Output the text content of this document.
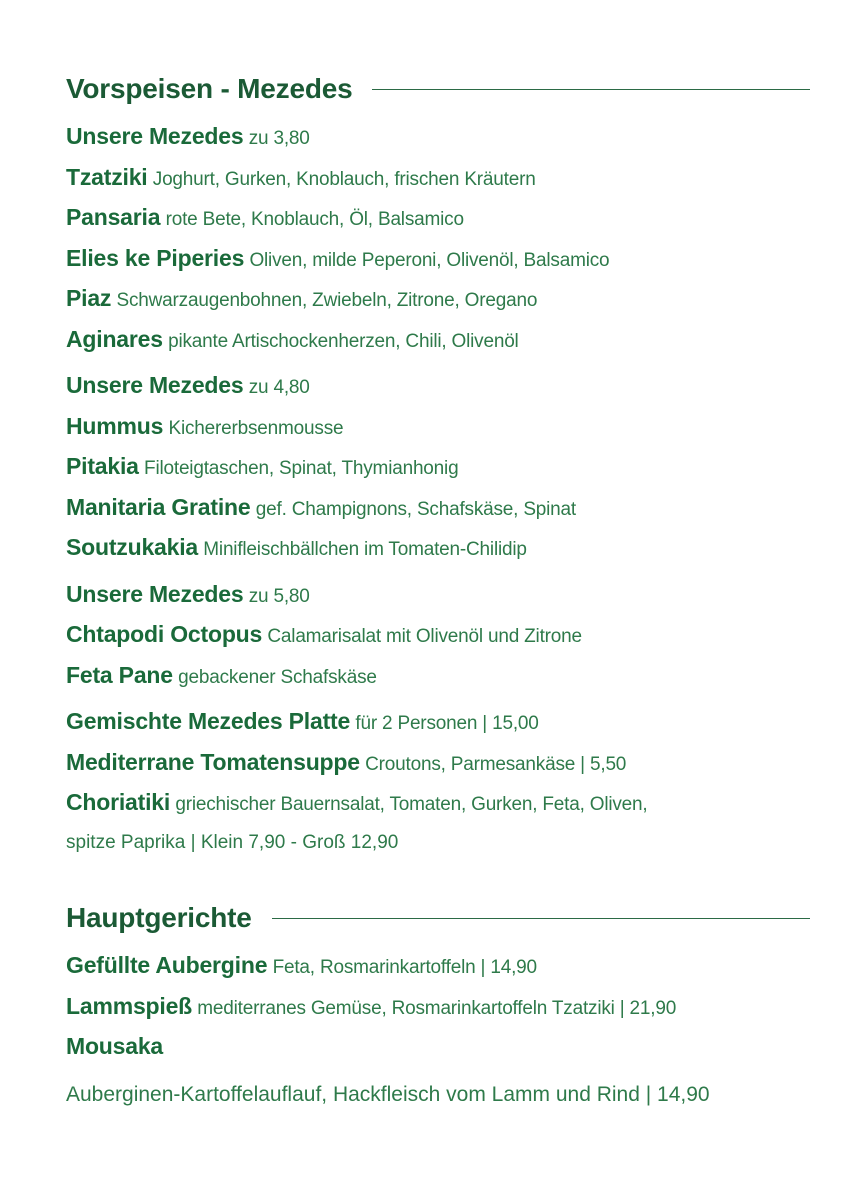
Vorspeisen - Mezedes
Unsere Mezedes zu 3,80
Tzatziki Joghurt, Gurken, Knoblauch, frischen Kräutern
Pansaria rote Bete, Knoblauch, Öl, Balsamico
Elies ke Piperies Oliven, milde Peperoni, Olivenöl, Balsamico
Piaz Schwarzaugenbohnen, Zwiebeln, Zitrone, Oregano
Aginares pikante Artischockenherzen, Chili, Olivenöl
Unsere Mezedes zu 4,80
Hummus Kichererbsenmousse
Pitakia Filoteigtaschen, Spinat, Thymianhonig
Manitaria Gratine gef. Champignons, Schafskäse, Spinat
Soutzukakia Minifleischbällchen im Tomaten-Chilidip
Unsere Mezedes zu 5,80
Chtapodi Octopus Calamarisalat mit Olivenöl und Zitrone
Feta Pane gebackener Schafskäse
Gemischte Mezedes Platte für 2 Personen | 15,00
Mediterrane Tomatensuppe Croutons, Parmesankäse | 5,50
Choriatiki griechischer Bauernsalat, Tomaten, Gurken, Feta, Oliven,
spitze Paprika | Klein 7,90 - Groß 12,90
Hauptgerichte
Gefüllte Aubergine Feta, Rosmarinkartoffeln | 14,90
Lammspieß mediterranes Gemüse, Rosmarinkartoffeln Tzatziki | 21,90
Mousaka
Auberginen-Kartoffelauflauf, Hackfleisch vom Lamm und Rind | 14,90
